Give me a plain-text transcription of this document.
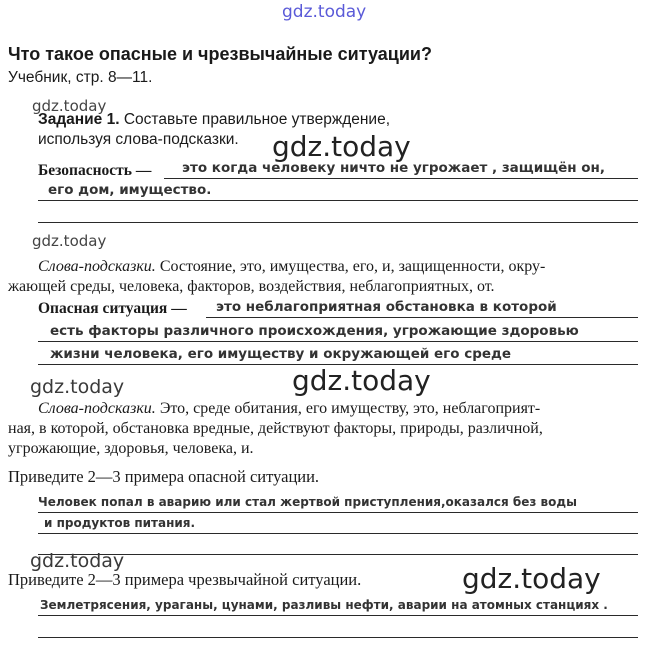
gdz.today
Что такое опасные и чрезвычайные ситуации?
Учебник, стр. 8—11.
gdz.today
Задание 1. Составьте правильное утверждение,
используя слова-подсказки. gdz.today
Безопасность — это когда человеку ничто не угрожает , защищён он,
его дом, имущество.
gdz.today
Слова-подсказки. Состояние, это, имущества, его, и, защищенности, окру-
жающей среды, человека, факторов, воздействия, неблагоприятных, от.
Опасная ситуация — это неблагоприятная обстановка в которой
есть факторы различного происхождения, угрожающие здоровью
жизни человека, его имуществу и окружающей его среде
gdz.today	gdz.today
Слова-подсказки. Это, среде обитания, его имуществу, это, неблагоприят-
ная, в которой, обстановка вредные, действуют факторы, природы, различной,
угрожающие, здоровья, человека, и.
Приведите 2—3 примера опасной ситуации.
Человек попал в аварию или стал жертвой приступления,оказался без воды
и продуктов питания.
gdz.today
gdz.today
Приведите 2—3 примера чрезвычайной ситуации.
Землетрясения, ураганы, цунами, разливы нефти, аварии на атомных станциях .
